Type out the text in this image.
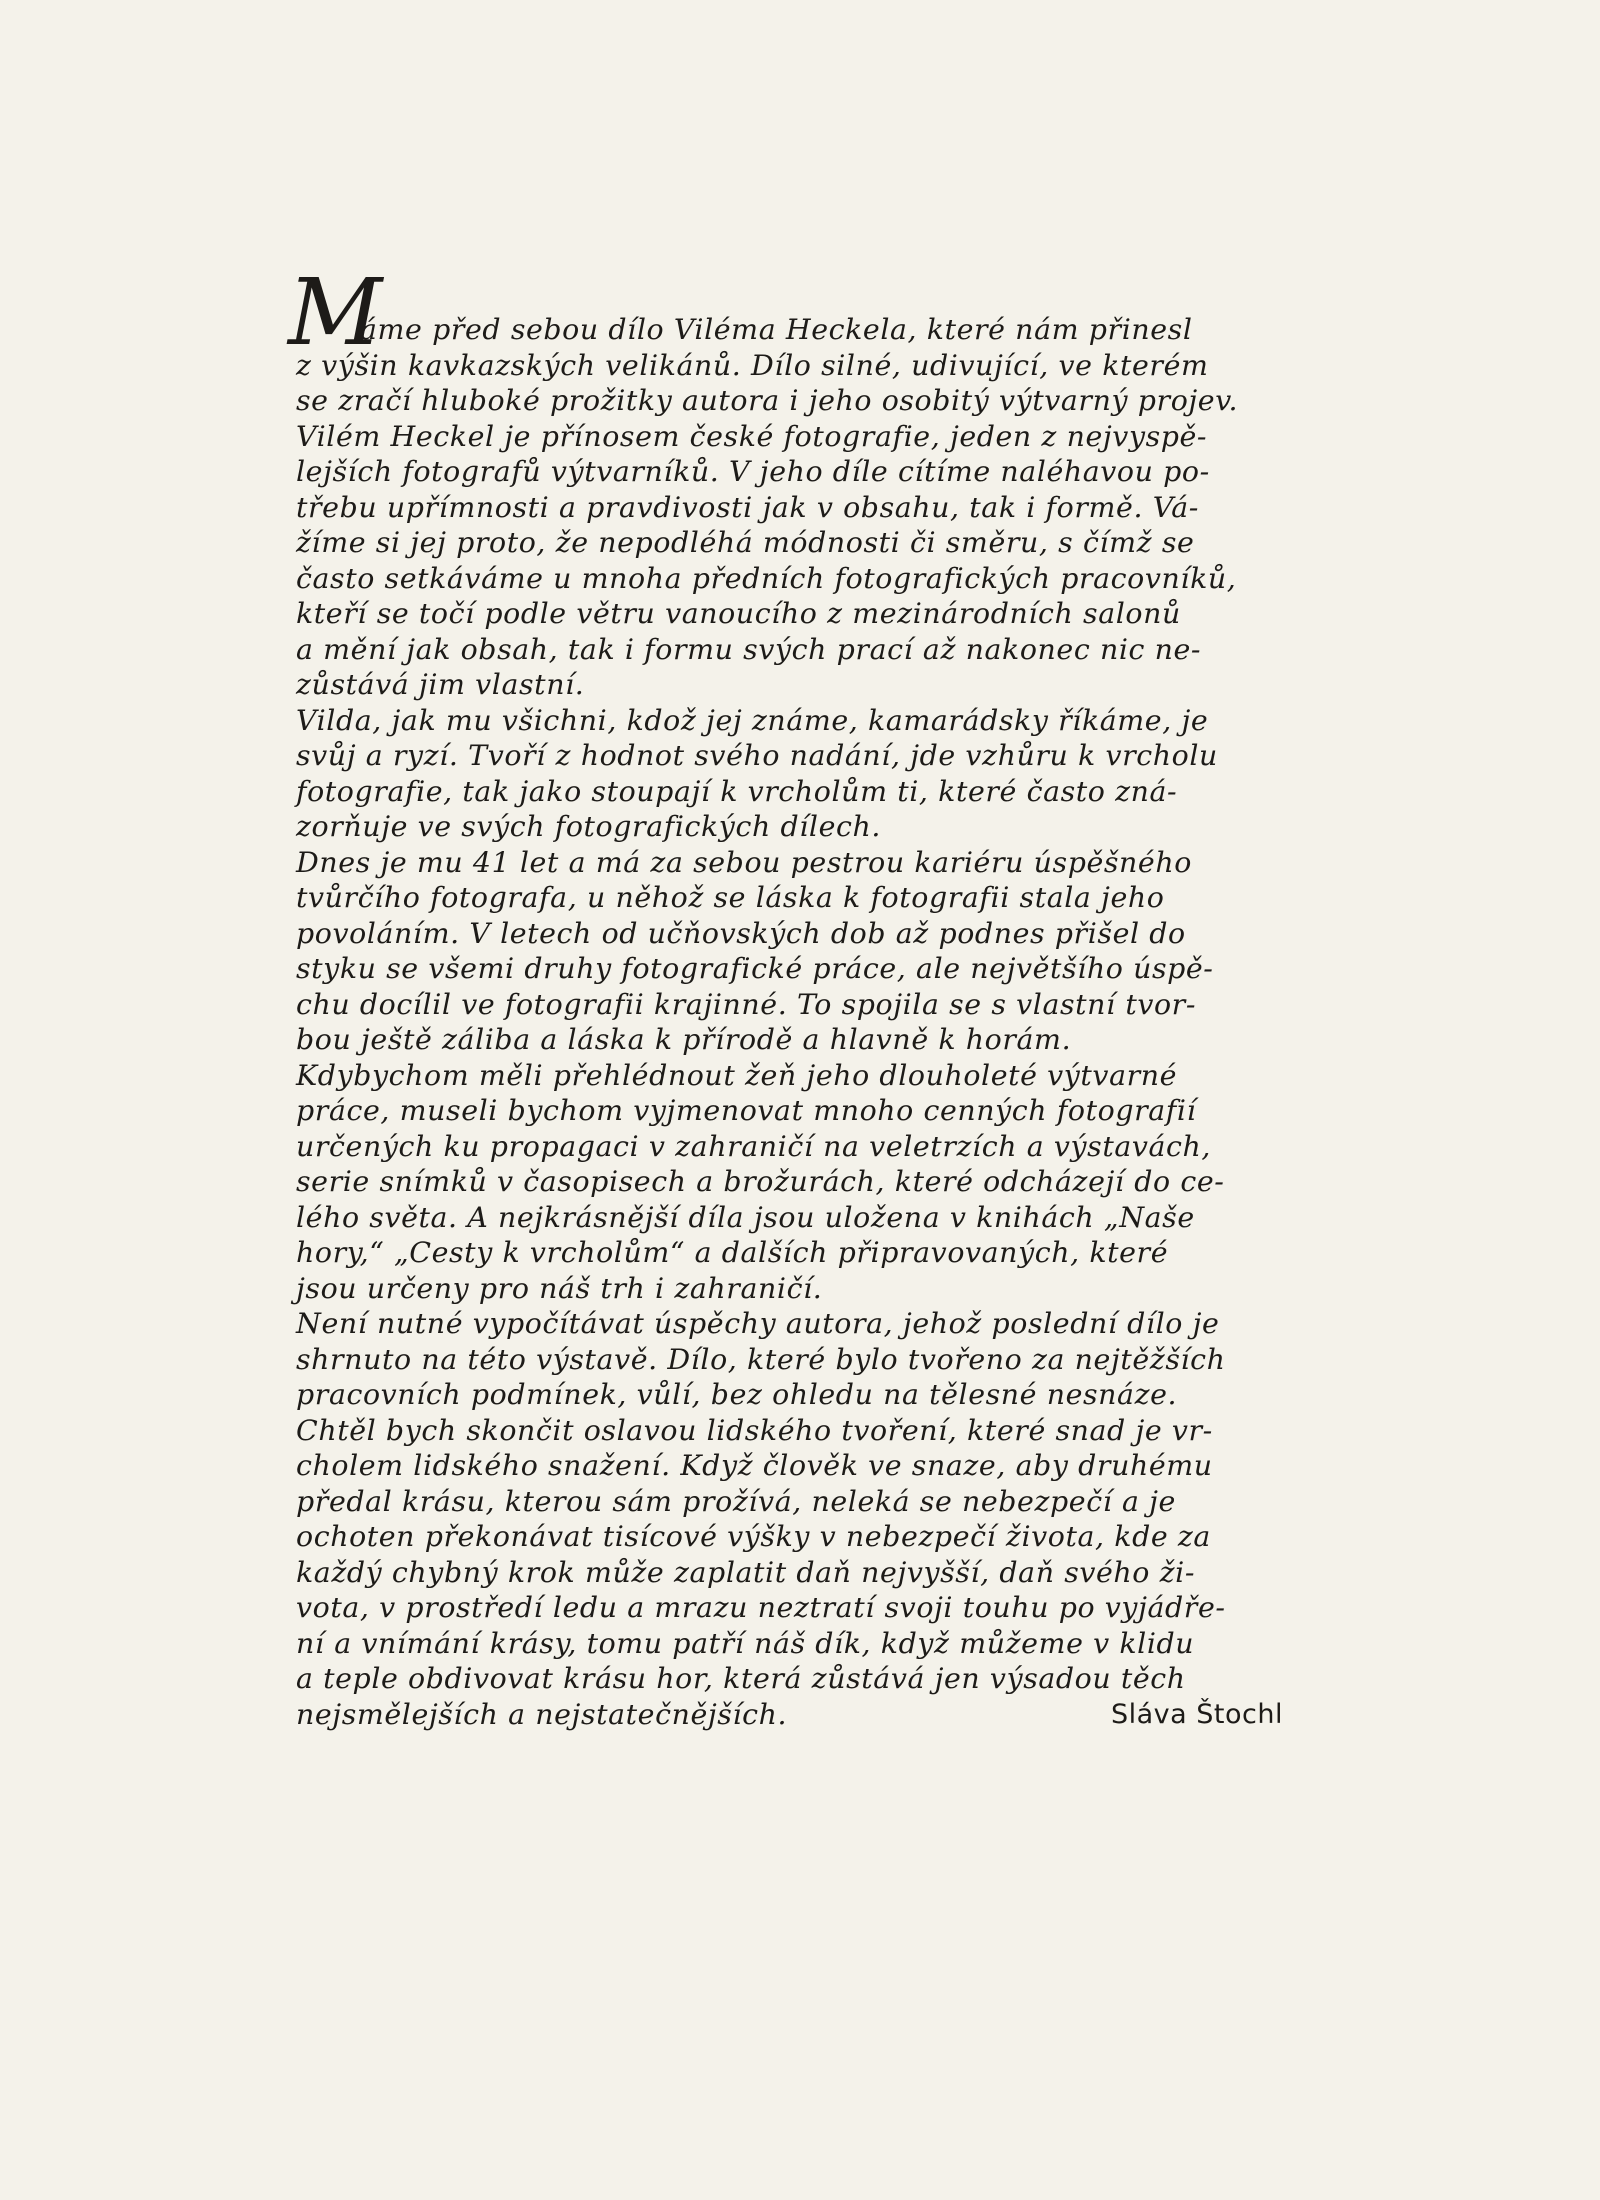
M
áme před sebou dílo Viléma Heckela, které nám přinesl
z výšin kavkazských velikánů. Dílo silné, udivující, ve kterém
se zračí hluboké prožitky autora i jeho osobitý výtvarný projev.
Vilém Heckel je přínosem české fotografie, jeden z nejvyspě-
lejších fotografů výtvarníků. V jeho díle cítíme naléhavou po-
třebu upřímnosti a pravdivosti jak v obsahu, tak i formě. Vá-
žíme si jej proto, že nepodléhá módnosti či směru, s čímž se
často setkáváme u mnoha předních fotografických pracovníků,
kteří se točí podle větru vanoucího z mezinárodních salonů
a mění jak obsah, tak i formu svých prací až nakonec nic ne-
zůstává jim vlastní.
Vilda, jak mu všichni, kdož jej známe, kamarádsky říkáme, je
svůj a ryzí. Tvoří z hodnot svého nadání, jde vzhůru k vrcholu
fotografie, tak jako stoupají k vrcholům ti, které často zná-
zorňuje ve svých fotografických dílech.
Dnes je mu 41 let a má za sebou pestrou kariéru úspěšného
tvůrčího fotografa, u něhož se láska k fotografii stala jeho
povoláním. V letech od učňovských dob až podnes přišel do
styku se všemi druhy fotografické práce, ale největšího úspě-
chu docílil ve fotografii krajinné. To spojila se s vlastní tvor-
bou ještě záliba a láska k přírodě a hlavně k horám.
Kdybychom měli přehlédnout žeň jeho dlouholeté výtvarné
práce, museli bychom vyjmenovat mnoho cenných fotografií
určených ku propagaci v zahraničí na veletrzích a výstavách,
serie snímků v časopisech a brožurách, které odcházejí do ce-
lého světa. A nejkrásnější díla jsou uložena v knihách „Naše
hory,“ „Cesty k vrcholům“ a dalších připravovaných, které
jsou určeny pro náš trh i zahraničí.
Není nutné vypočítávat úspěchy autora, jehož poslední dílo je
shrnuto na této výstavě. Dílo, které bylo tvořeno za nejtěžších
pracovních podmínek, vůlí, bez ohledu na tělesné nesnáze.
Chtěl bych skončit oslavou lidského tvoření, které snad je vr-
cholem lidského snažení. Když člověk ve snaze, aby druhému
předal krásu, kterou sám prožívá, neleká se nebezpečí a je
ochoten překonávat tisícové výšky v nebezpečí života, kde za
každý chybný krok může zaplatit daň nejvyšší, daň svého ži-
vota, v prostředí ledu a mrazu neztratí svoji touhu po vyjádře-
ní a vnímání krásy, tomu patří náš dík, když můžeme v klidu
a teple obdivovat krásu hor, která zůstává jen výsadou těch
nejsmělejších a nejstatečnějších.	Sláva Štochl
